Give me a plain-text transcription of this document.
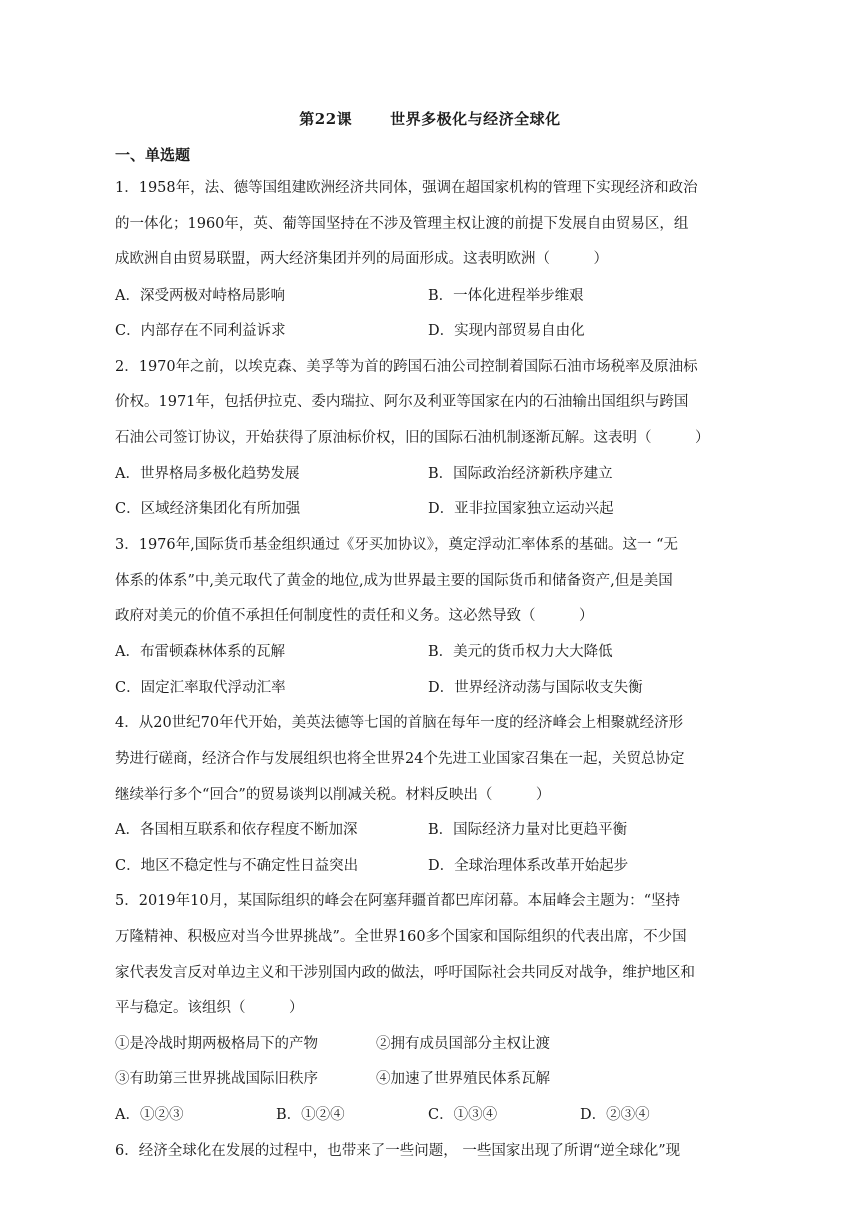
第22课	世界多极化与经济全球化
一、单选题
1．1958年，法、德等国组建欧洲经济共同体，强调在超国家机构的管理下实现经济和政治
的一体化；1960年，英、葡等国坚持在不涉及管理主权让渡的前提下发展自由贸易区，组
成欧洲自由贸易联盟，两大经济集团并列的局面形成。这表明欧洲（　　　）
A．深受两极对峙格局影响	B．一体化进程举步维艰
C．内部存在不同利益诉求	D．实现内部贸易自由化
2．1970年之前，以埃克森、美孚等为首的跨国石油公司控制着国际石油市场税率及原油标
价权。1971年，包括伊拉克、委内瑞拉、阿尔及利亚等国家在内的石油输出国组织与跨国
石油公司签订协议，开始获得了原油标价权，旧的国际石油机制逐渐瓦解。这表明（　　　）
A．世界格局多极化趋势发展	B．国际政治经济新秩序建立
C．区域经济集团化有所加强	D．亚非拉国家独立运动兴起
3．1976年,国际货币基金组织通过《牙买加协议》，奠定浮动汇率体系的基础。这一 “无
体系的体系”中,美元取代了黄金的地位,成为世界最主要的国际货币和储备资产,但是美国
政府对美元的价值不承担任何制度性的责任和义务。这必然导致（　　　）
A．布雷顿森林体系的瓦解	B．美元的货币权力大大降低
C．固定汇率取代浮动汇率	D．世界经济动荡与国际收支失衡
4．从20世纪70年代开始，美英法德等七国的首脑在每年一度的经济峰会上相聚就经济形
势进行磋商，经济合作与发展组织也将全世界24个先进工业国家召集在一起，关贸总协定
继续举行多个“回合”的贸易谈判以削减关税。材料反映出（　　　）
A．各国相互联系和依存程度不断加深	B．国际经济力量对比更趋平衡
C．地区不稳定性与不确定性日益突出	D．全球治理体系改革开始起步
5．2019年10月，某国际组织的峰会在阿塞拜疆首都巴库闭幕。本届峰会主题为：“坚持
万隆精神、积极应对当今世界挑战”。全世界160多个国家和国际组织的代表出席，不少国
家代表发言反对单边主义和干涉别国内政的做法，呼吁国际社会共同反对战争，维护地区和
平与稳定。该组织（　　　）
①是冷战时期两极格局下的产物	②拥有成员国部分主权让渡
③有助第三世界挑战国际旧秩序	④加速了世界殖民体系瓦解
A．①②③	B．①②④	C．①③④	D．②③④
6．经济全球化在发展的过程中，也带来了一些问题， 一些国家出现了所谓“逆全球化”现
